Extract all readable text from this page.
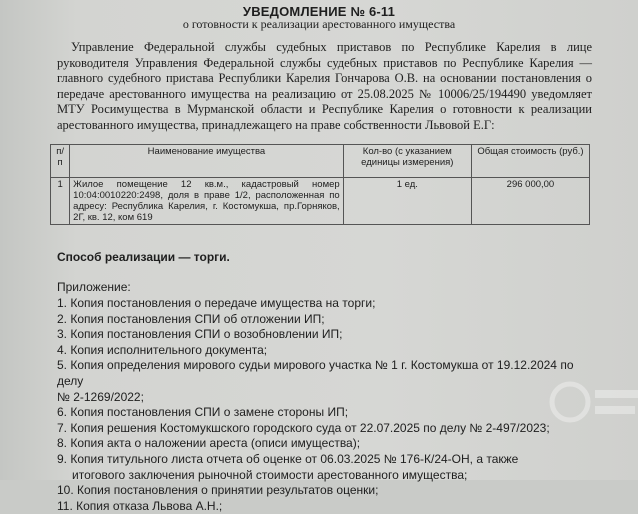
УВЕДОМЛЕНИЕ № 6-11
о готовности к реализации арестованного имущества
Управление Федеральной службы судебных приставов по Республике Карелия в лице руководителя Управления Федеральной службы судебных приставов по Республике Карелия — главного судебного пристава Республики Карелия Гончарова О.В. на основании постановления о передаче арестованного имущества на реализацию от 25.08.2025 № 10006/25/194490 уведомляет МТУ Росимущества в Мурманской области и Республике Карелия о готовности к реализации арестованного имущества, принадлежащего на праве собственности Львовой Е.Г:
п/п	Наименование имущества	Кол-во (с указанием единицы измерения)	Общая стоимость (руб.)
1	Жилое помещение 12 кв.м., кадастровый номер 10:04:0010220:2498, доля в праве 1/2, расположенная по адресу: Республика Карелия, г. Костомукша, пр.Горняков, 2Г, кв. 12, ком 619	1 ед.	296 000,00
Способ реализации — торги.
Приложение:
1. Копия постановления о передаче имущества на торги;
2. Копия постановления СПИ об отложении ИП;
3. Копия постановления СПИ о возобновлении ИП;
4. Копия исполнительного документа;
5. Копия определения мирового судьи мирового участка № 1 г. Костомукша от 19.12.2024 по делу
№ 2-1269/2022;
6. Копия постановления СПИ о замене стороны ИП;
7. Копия решения Костомукшского городского суда от 22.07.2025 по делу № 2-497/2023;
8. Копия акта о наложении ареста (описи имущества);
9. Копия титульного листа отчета об оценке от 06.03.2025 № 176-К/24-ОН, а также
итогового заключения рыночной стоимости арестованного имущества;
10. Копия постановления о принятии результатов оценки;
11. Копия отказа Львова А.Н.;
